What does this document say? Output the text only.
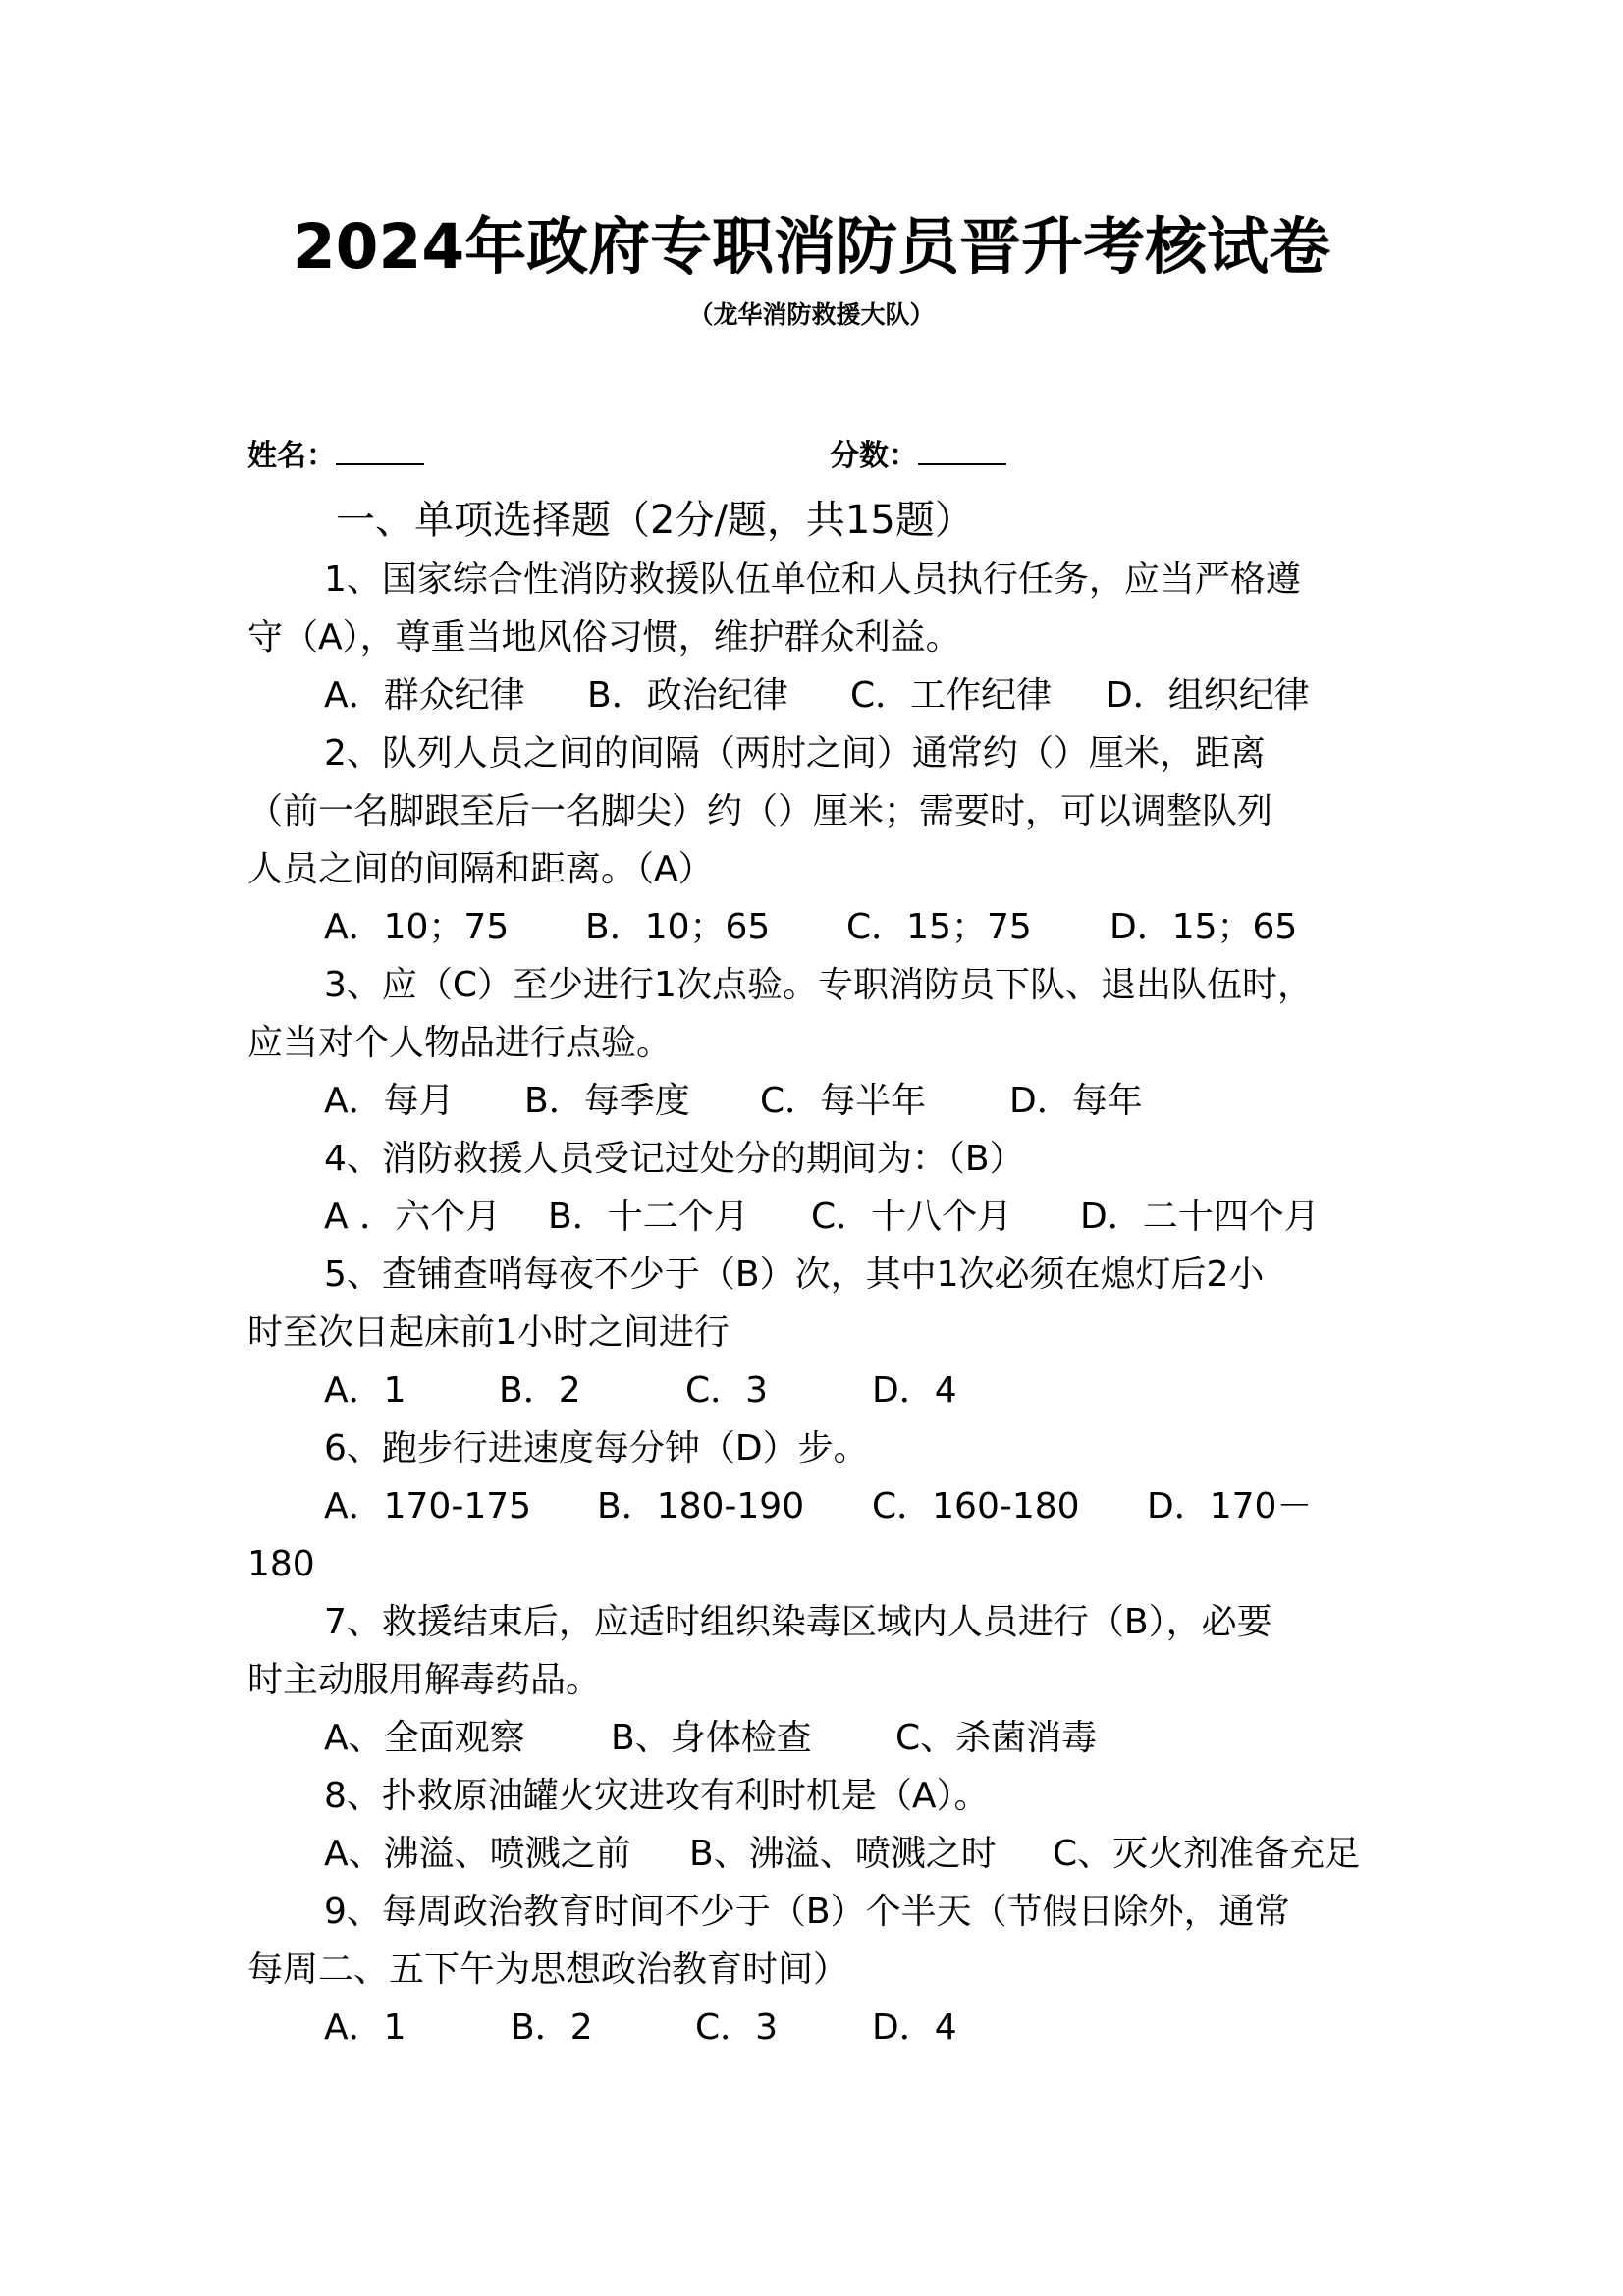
2024年政府专职消防员晋升考核试卷
（龙华消防救援大队）
姓名：	分数：
一、单项选择题（2分/题，共15题）
1、国家综合性消防救援队伍单位和人员执行任务，应当严格遵
守（A），尊重当地风俗习惯，维护群众利益。
A．群众纪律 B．政治纪律 C．工作纪律 D．组织纪律
2、队列人员之间的间隔（两肘之间）通常约（）厘米，距离
（前一名脚跟至后一名脚尖）约（）厘米；需要时，可以调整队列
人员之间的间隔和距离。（A）
A．10；75 B．10；65 C．15；75 D．15；65
3、应（C）至少进行1次点验。专职消防员下队、退出队伍时，
应当对个人物品进行点验。
A．每月 B．每季度 C．每半年 D．每年
4、消防救援人员受记过处分的期间为：（B）
A ．六个月 B．十二个月 C．十八个月 D．二十四个月
5、查铺查哨每夜不少于（B）次，其中1次必须在熄灯后2小
时至次日起床前1小时之间进行
A．1	B．2	C．3	D．4
6、跑步行进速度每分钟（D）步。
A．170-175 B．180-190 C．160-180 D．170－
180
7、救援结束后，应适时组织染毒区域内人员进行（B），必要
时主动服用解毒药品。
A、全面观察 B、身体检查 C、杀菌消毒
8、扑救原油罐火灾进攻有利时机是（A）。
A、沸溢、喷溅之前 B、沸溢、喷溅之时 C、灭火剂准备充足
9、每周政治教育时间不少于（B）个半天（节假日除外，通常
每周二、五下午为思想政治教育时间）
A．1	B．2	C．3	D．4
